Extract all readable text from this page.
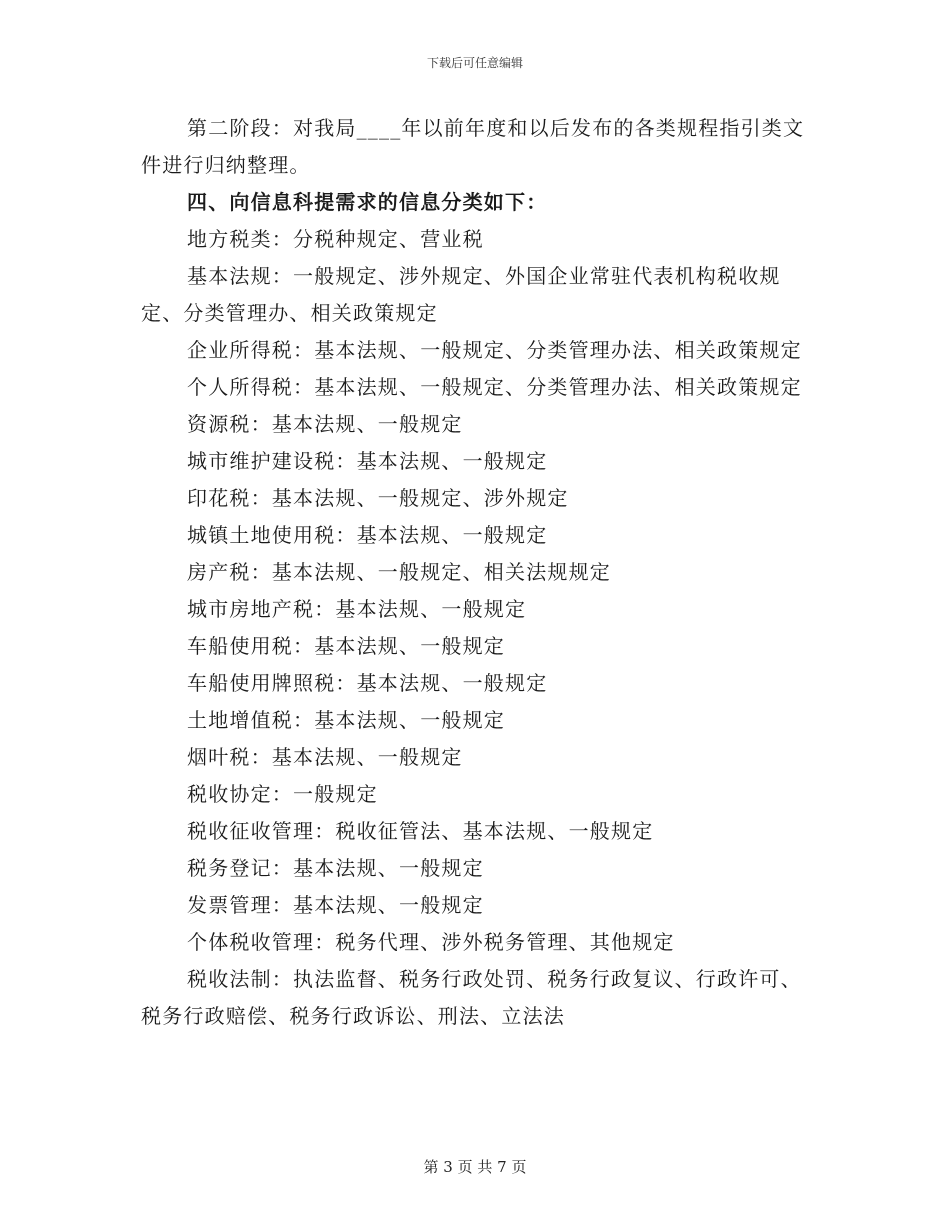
下载后可任意编辑

第二阶段：对我局____年以前年度和以后发布的各类规程指引类文件进行归纳整理。

四、向信息科提需求的信息分类如下：

地方税类：分税种规定、营业税

基本法规：一般规定、涉外规定、外国企业常驻代表机构税收规定、分类管理办、相关政策规定

企业所得税：基本法规、一般规定、分类管理办法、相关政策规定

个人所得税：基本法规、一般规定、分类管理办法、相关政策规定

资源税：基本法规、一般规定

城市维护建设税：基本法规、一般规定

印花税：基本法规、一般规定、涉外规定

城镇土地使用税：基本法规、一般规定

房产税：基本法规、一般规定、相关法规规定

城市房地产税：基本法规、一般规定

车船使用税：基本法规、一般规定

车船使用牌照税：基本法规、一般规定

土地增值税：基本法规、一般规定

烟叶税：基本法规、一般规定

税收协定：一般规定

税收征收管理：税收征管法、基本法规、一般规定

税务登记：基本法规、一般规定

发票管理：基本法规、一般规定

个体税收管理：税务代理、涉外税务管理、其他规定

税收法制：执法监督、税务行政处罚、税务行政复议、行政许可、税务行政赔偿、税务行政诉讼、刑法、立法法

第 3 页 共 7 页
